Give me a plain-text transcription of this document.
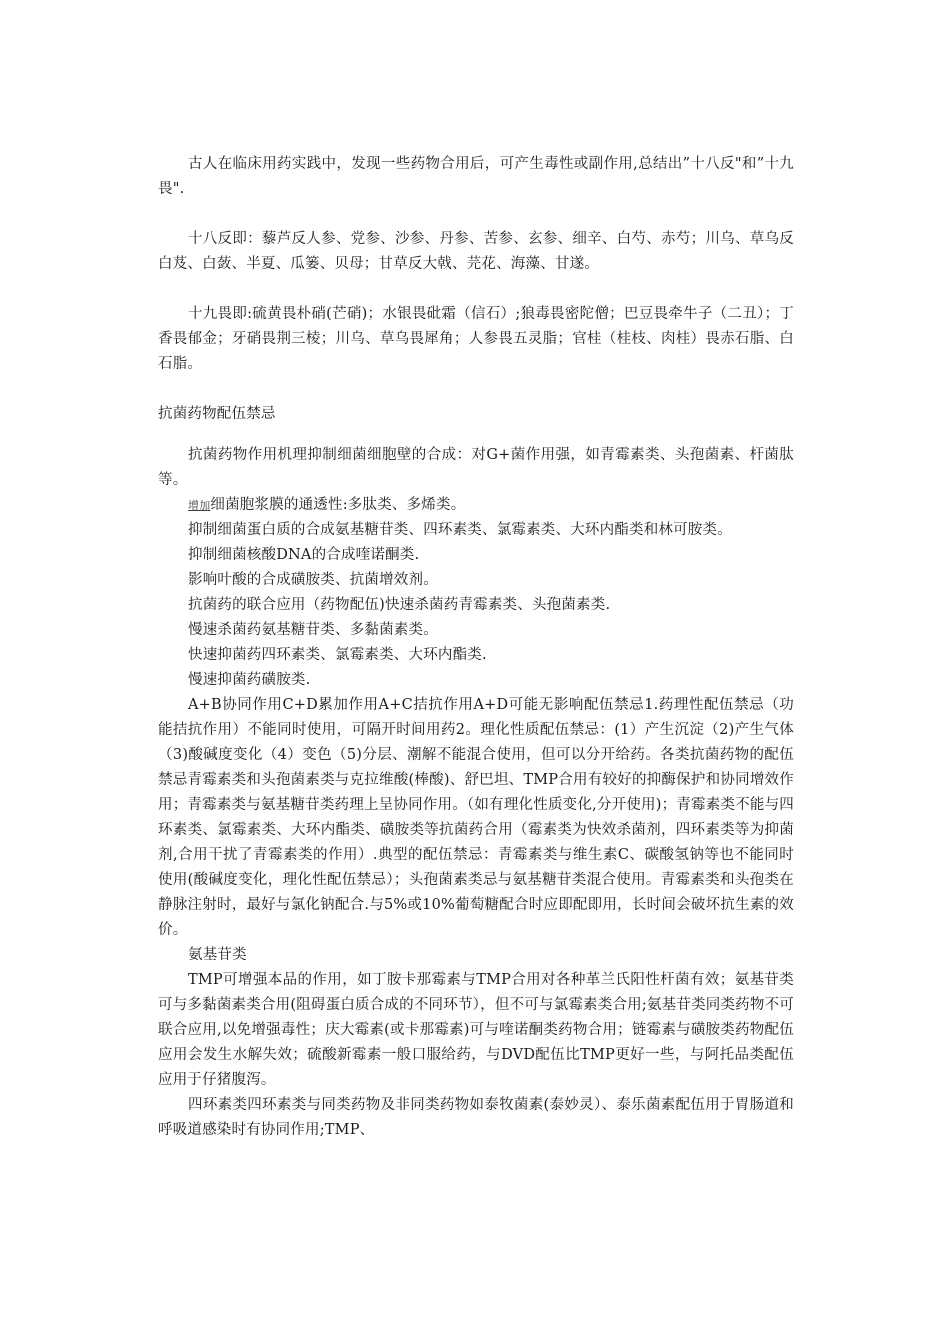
古人在临床用药实践中，发现一些药物合用后，可产生毒性或副作用,总结出”十八反"和”十九畏".

十八反即：藜芦反人参、党参、沙参、丹参、苦参、玄参、细辛、白芍、赤芍；川乌、草乌反白芨、白蔹、半夏、瓜篓、贝母；甘草反大戟、芫花、海藻、甘遂。

十九畏即:硫黄畏朴硝(芒硝)；水银畏砒霜（信石）;狼毒畏密陀僧；巴豆畏牵牛子（二丑）；丁香畏郁金；牙硝畏荆三棱；川乌、草乌畏犀角；人参畏五灵脂；官桂（桂枝、肉桂）畏赤石脂、白石脂。

抗菌药物配伍禁忌

抗菌药物作用机理抑制细菌细胞壁的合成：对G+菌作用强，如青霉素类、头孢菌素、杆菌肽等。

增加细菌胞浆膜的通透性:多肽类、多烯类。

抑制细菌蛋白质的合成氨基糖苷类、四环素类、氯霉素类、大环内酯类和林可胺类。

抑制细菌核酸DNA的合成喹诺酮类.

影响叶酸的合成磺胺类、抗菌增效剂。

抗菌药的联合应用（药物配伍)快速杀菌药青霉素类、头孢菌素类.

慢速杀菌药氨基糖苷类、多黏菌素类。

快速抑菌药四环素类、氯霉素类、大环内酯类.

慢速抑菌药磺胺类.

A+B协同作用C+D累加作用A+C拮抗作用A+D可能无影响配伍禁忌1.药理性配伍禁忌（功能拮抗作用）不能同时使用，可隔开时间用药2。理化性质配伍禁忌：(1）产生沉淀（2)产生气体（3)酸碱度变化（4）变色（5)分层、潮解不能混合使用，但可以分开给药。各类抗菌药物的配伍禁忌青霉素类和头孢菌素类与克拉维酸(棒酸)、舒巴坦、TMP合用有较好的抑酶保护和协同增效作用；青霉素类与氨基糖苷类药理上呈协同作用。（如有理化性质变化,分开使用)；青霉素类不能与四环素类、氯霉素类、大环内酯类、磺胺类等抗菌药合用（霉素类为快效杀菌剂，四环素类等为抑菌剂,合用干扰了青霉素类的作用）.典型的配伍禁忌：青霉素类与维生素C、碳酸氢钠等也不能同时使用(酸碱度变化，理化性配伍禁忌）；头孢菌素类忌与氨基糖苷类混合使用。青霉素类和头孢类在静脉注射时，最好与氯化钠配合.与5%或10%葡萄糖配合时应即配即用，长时间会破坏抗生素的效价。

氨基苷类

TMP可增强本品的作用，如丁胺卡那霉素与TMP合用对各种革兰氏阳性杆菌有效；氨基苷类可与多黏菌素类合用(阻碍蛋白质合成的不同环节），但不可与氯霉素类合用;氨基苷类同类药物不可联合应用,以免增强毒性；庆大霉素(或卡那霉素)可与喹诺酮类药物合用；链霉素与磺胺类药物配伍应用会发生水解失效；硫酸新霉素一般口服给药，与DVD配伍比TMP更好一些，与阿托品类配伍应用于仔猪腹泻。

四环素类四环素类与同类药物及非同类药物如泰牧菌素(泰妙灵）、泰乐菌素配伍用于胃肠道和呼吸道感染时有协同作用;TMP、
